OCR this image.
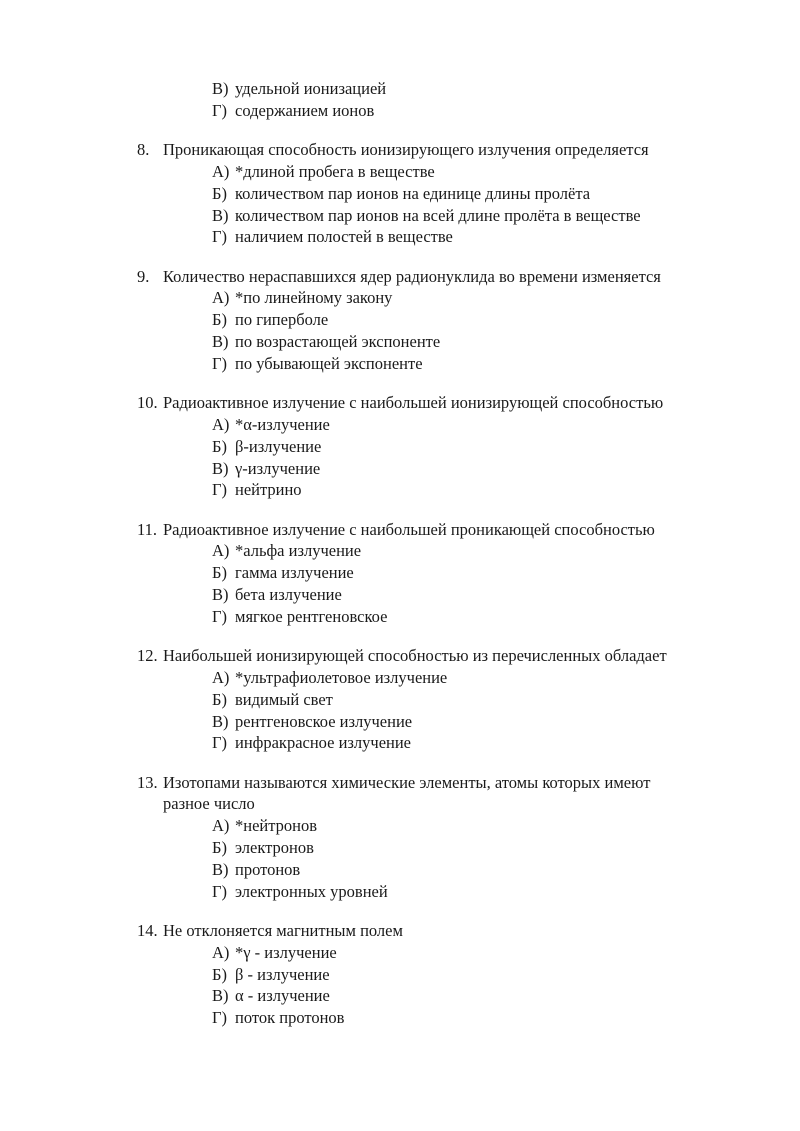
В) удельной ионизацией
Г) содержанием ионов
8. Проникающая способность ионизирующего излучения определяется
А) *длиной пробега в веществе
Б) количеством пар ионов на единице длины пролёта
В) количеством пар ионов на всей длине пролёта в веществе
Г) наличием полостей в веществе
9. Количество нераспавшихся ядер радионуклида во времени изменяется
А) *по линейному закону
Б) по гиперболе
В) по возрастающей экспоненте
Г) по убывающей экспоненте
10. Радиоактивное излучение с наибольшей ионизирующей способностью
А) *α-излучение
Б) β-излучение
В) γ-излучение
Г) нейтрино
11. Радиоактивное излучение с наибольшей проникающей способностью
А) *альфа излучение
Б) гамма излучение
В) бета излучение
Г) мягкое рентгеновское
12. Наибольшей ионизирующей способностью из перечисленных обладает
А) *ультрафиолетовое излучение
Б) видимый свет
В) рентгеновское излучение
Г) инфракрасное излучение
13. Изотопами называются химические элементы, атомы которых имеют
разное число
А) *нейтронов
Б) электронов
В) протонов
Г) электронных уровней
14. Не отклоняется магнитным полем
А) *γ - излучение
Б) β - излучение
В) α - излучение
Г) поток протонов
